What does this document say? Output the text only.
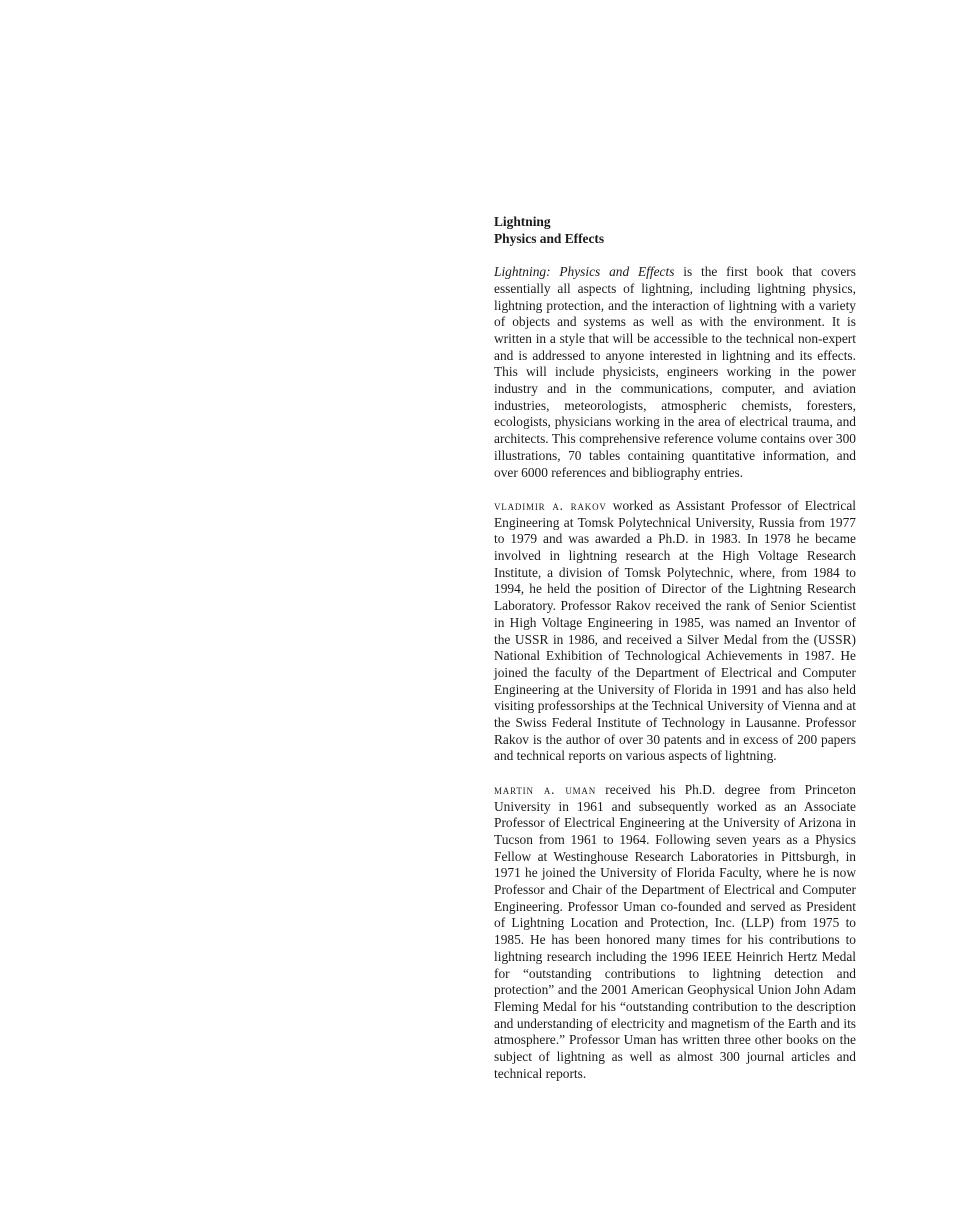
Lightning
Physics and Effects

Lightning: Physics and Effects is the first book that covers essentially all aspects of lightning, including lightning physics, lightning protection, and the interaction of lightning with a variety of objects and systems as well as with the environment. It is written in a style that will be accessible to the technical non-expert and is addressed to anyone interested in lightning and its effects. This will include physicists, engineers working in the power industry and in the communications, computer, and aviation industries, meteorologists, atmospheric chemists, foresters, ecologists, physicians working in the area of electrical trauma, and architects. This comprehensive reference volume contains over 300 illustrations, 70 tables containing quantitative information, and over 6000 references and bibliography entries.

vladimir a. rakov worked as Assistant Professor of Electrical Engineering at Tomsk Polytechnical University, Russia from 1977 to 1979 and was awarded a Ph.D. in 1983. In 1978 he became involved in lightning research at the High Voltage Research Institute, a division of Tomsk Polytechnic, where, from 1984 to 1994, he held the position of Director of the Lightning Research Laboratory. Professor Rakov received the rank of Senior Scientist in High Voltage Engineering in 1985, was named an Inventor of the USSR in 1986, and received a Silver Medal from the (USSR) National Exhibition of Technological Achievements in 1987. He joined the faculty of the Department of Electrical and Computer Engineering at the University of Florida in 1991 and has also held visiting professorships at the Technical University of Vienna and at the Swiss Federal Institute of Technology in Lausanne. Professor Rakov is the author of over 30 patents and in excess of 200 papers and technical reports on various aspects of lightning.

martin a. uman received his Ph.D. degree from Princeton University in 1961 and subsequently worked as an Associate Professor of Electrical Engineering at the University of Arizona in Tucson from 1961 to 1964. Following seven years as a Physics Fellow at Westinghouse Research Laboratories in Pittsburgh, in 1971 he joined the University of Florida Faculty, where he is now Professor and Chair of the Department of Electrical and Computer Engineering. Professor Uman co-founded and served as President of Lightning Location and Protection, Inc. (LLP) from 1975 to 1985. He has been honored many times for his contributions to lightning research including the 1996 IEEE Heinrich Hertz Medal for “outstanding contributions to lightning detection and protection” and the 2001 American Geophysical Union John Adam Fleming Medal for his “outstanding contribution to the description and understanding of electricity and magnetism of the Earth and its atmosphere.” Professor Uman has written three other books on the subject of lightning as well as almost 300 journal articles and technical reports.
